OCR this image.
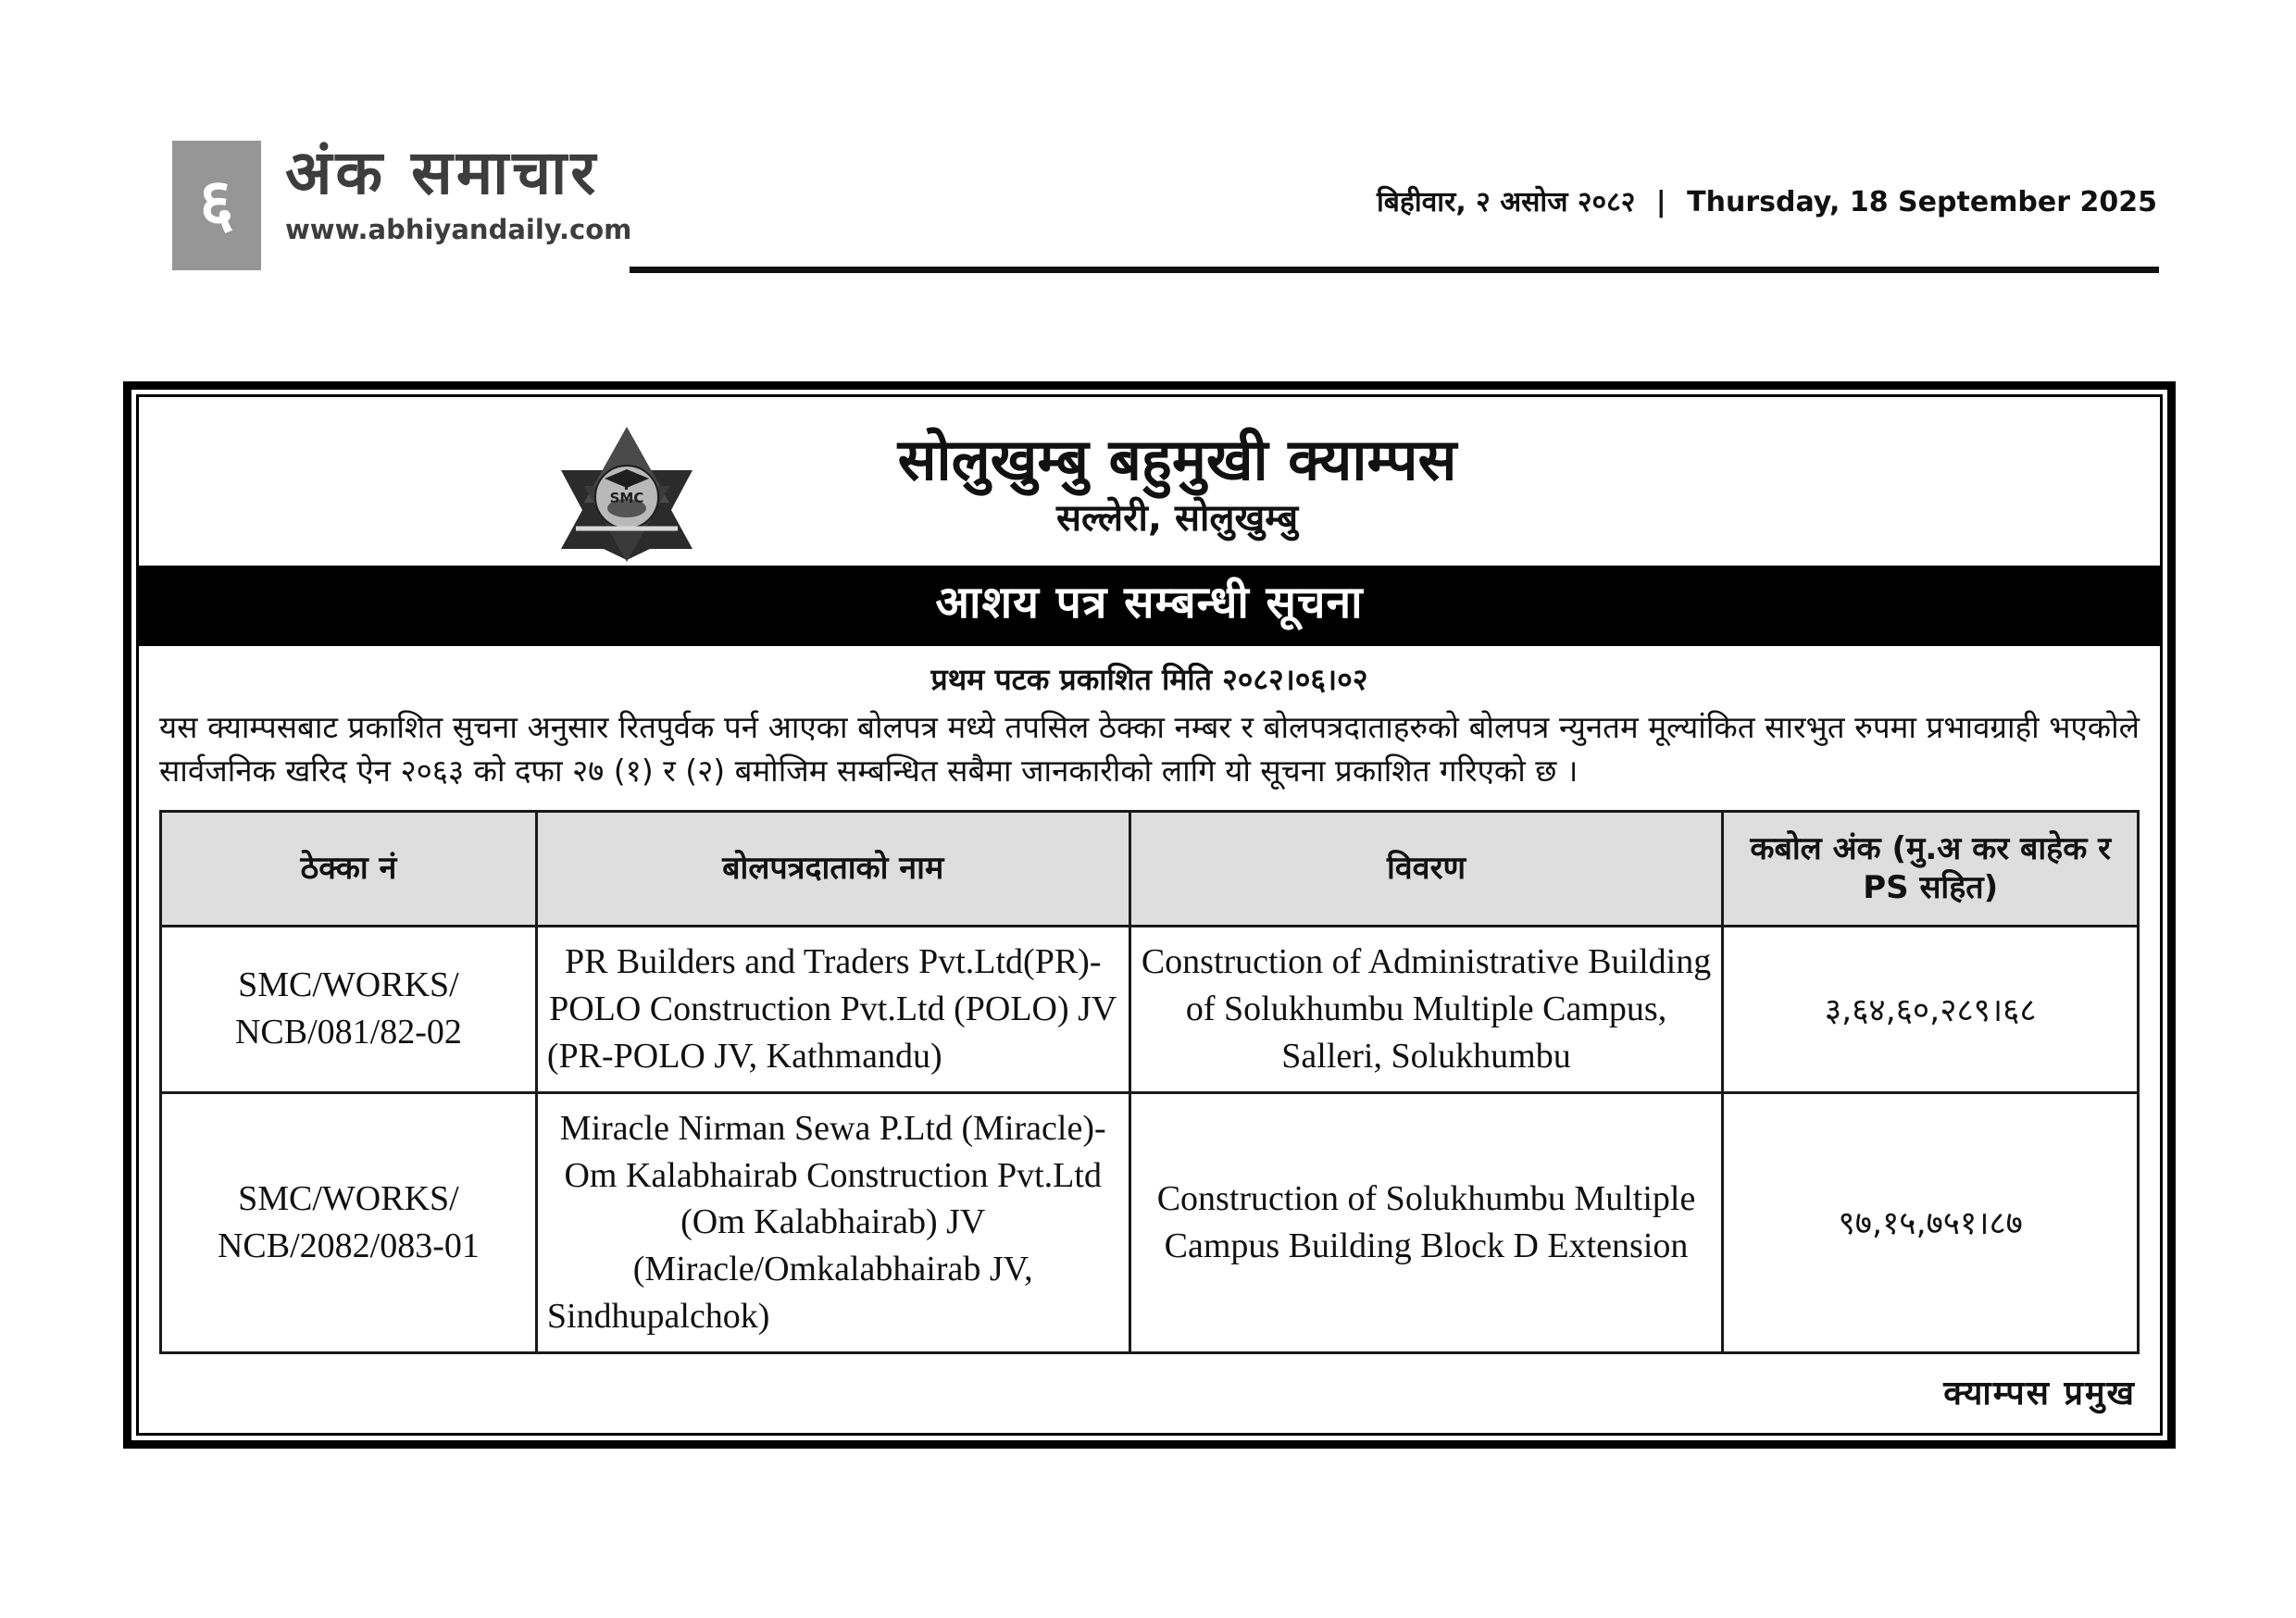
६ अंक समाचार
www.abhiyandaily.com
बिहीवार, २ असोज २०८२ | Thursday, 18 September 2025
SMC
सोलुखुम्बु बहुमुखी क्याम्पस
सल्लेरी, सोलुखुम्बु
आशय पत्र सम्बन्धी सूचना
प्रथम पटक प्रकाशित मिति २०८२।०६।०२
यस क्याम्पसबाट प्रकाशित सुचना अनुसार रितपुर्वक पर्न आएका बोलपत्र मध्ये तपसिल ठेक्का नम्बर र बोलपत्रदाताहरुको बोलपत्र न्युनतम मूल्यांकित सारभुत रुपमा प्रभावग्राही भएकोले सार्वजनिक खरिद ऐन २०६३ को दफा २७ (१) र (२) बमोजिम सम्बन्धित सबैमा जानकारीको लागि यो सूचना प्रकाशित गरिएको छ ।
ठेक्का नं	बोलपत्रदाताको नाम	विवरण	कबोल अंक (मु.अ कर बाहेक र PS सहित)

SMC/WORKS/ NCB/081/82-02	PR Builders and Traders Pvt.Ltd(PR)-POLO Construction Pvt.Ltd (POLO) JV (PR-POLO JV, Kathmandu)	Construction of Administrative Building of Solukhumbu Multiple Campus, Salleri, Solukhumbu	३,६४,६०,२८९।६८
SMC/WORKS/ NCB/2082/083-01	Miracle Nirman Sewa P.Ltd (Miracle)-Om Kalabhairab Construction Pvt.Ltd (Om Kalabhairab) JV (Miracle/Omkalabhairab JV, Sindhupalchok)	Construction of Solukhumbu Multiple Campus Building Block D Extension	९७,१५,७५१।८७
क्याम्पस प्रमुख
